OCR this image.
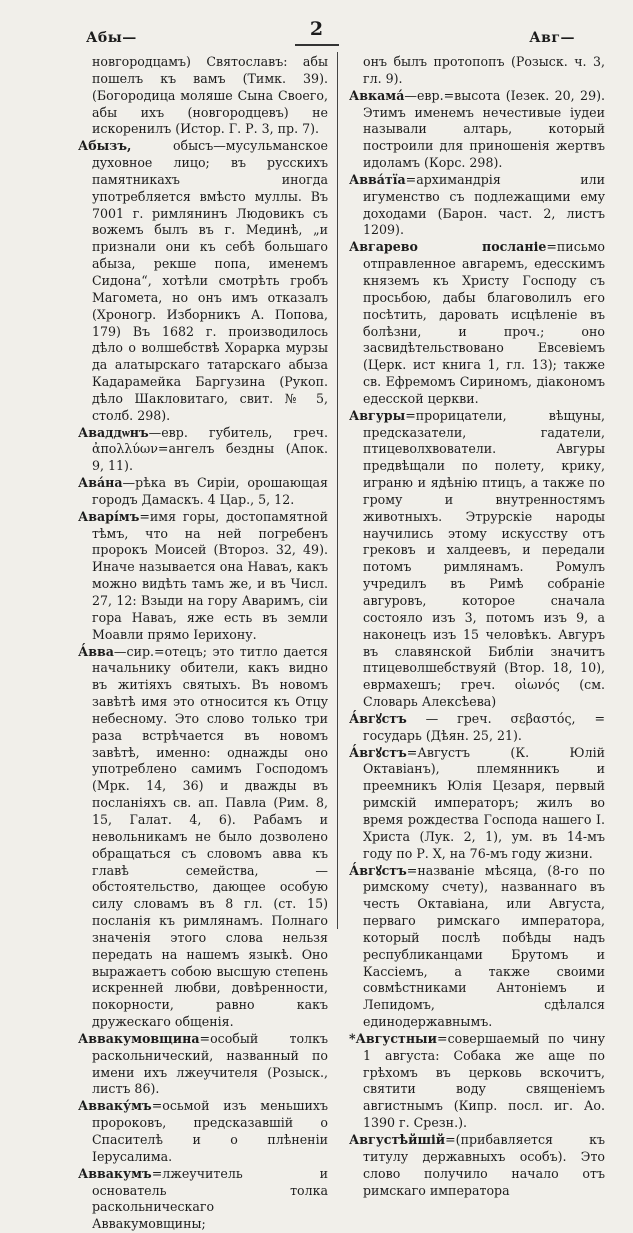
Абы—	2	Авг—

новгородцамъ) Святославъ: абы пошелъ къ вамъ (Тимк. 39). (Богородица моляше Сына Своего, абы ихъ (новгородцевъ) не искоренилъ (Истор. Г. Р. 3, пр. 7).

Абызъ, обысъ—мусульманское духовное лицо; въ русскихъ памятникахъ иногда употребляется вмѣсто муллы. Въ 7001 г. римлянинъ Людовикъ съ вожемъ былъ въ г. Мединѣ, „и признали они къ себѣ большаго абыза, рекше попа, именемъ Сидона“, хотѣли смотрѣть гробъ Магомета, но онъ имъ отказалъ (Хроногр. Изборникъ А. Попова, 179) Въ 1682 г. производилось дѣло о волшебствѣ Хорарка мурзы да алатырскаго татарскаго абыза Кадарамейка Баргузина (Рукоп. дѣло Шакловитаго, свит. № 5, столб. 298).

Аваддѡнъ—евр. губитель, греч. ἀπολλύων=ангелъ бездны (Апок. 9, 11).

Ава́на—рѣка въ Сиріи, орошающая городъ Дамаскъ. 4 Цар., 5, 12.

Аварі́мъ=имя горы, достопамятной тѣмъ, что на ней погребенъ пророкъ Моисей (Второз. 32, 49). Иначе называется она Наваъ, какъ можно видѣть тамъ же, и въ Числ. 27, 12: Взыди на гору Аваримъ, сіи гора Наваъ, яже есть въ земли Моавли прямо Іерихону.

А́вва—сир.=отецъ; это титло дается начальнику обители, какъ видно въ житіяхъ святыхъ. Въ новомъ завѣтѣ имя это относится къ Отцу небесному. Это слово только три раза встрѣчается въ новомъ завѣтѣ, именно: однажды оно употреблено самимъ Господомъ (Мрк. 14, 36) и дважды въ посланіяхъ св. ап. Павла (Рим. 8, 15, Галат. 4, 6). Рабамъ и невольникамъ не было дозволено обращаться съ словомъ авва къ главѣ семейства, — обстоятельство, дающее особую силу словамъ въ 8 гл. (ст. 15) посланія къ римлянамъ. Полнаго значенія этого слова нельзя передать на нашемъ языкѣ. Оно выражаетъ собою высшую степень искренней любви, довѣренности, покорности, равно какъ дружескаго общенія.

Аввакумовщина=особый толкъ раскольнический, названный по имени ихъ лжеучителя (Розыск., листъ 86).

Авваку́мъ=осьмой изъ меньшихъ пророковъ, предсказавшій о Спасителѣ и о плѣненіи Іерусалима.

Аввакумъ=лжеучитель и основатель толка раскольническаго Аввакумовщины;

онъ былъ протопопъ (Розыск. ч. 3, гл. 9).

Авкама́—евр.=высота (Іезек. 20, 29). Этимъ именемъ нечестивые іудеи называли алтарь, который построили для приношенія жертвъ идоламъ (Корс. 298).

Авва́тїа=архимандрія или игуменство съ подлежащими ему доходами (Барон. част. 2, листъ 1209).

Авгарево посланіе=письмо отправленное авгаремъ, едесскимъ княземъ къ Христу Господу съ просьбою, дабы благоволилъ его посѣтить, даровать исцѣленіе въ болѣзни, и проч.; оно засвидѣтельствовано Евсевіемъ (Церк. ист книга 1, гл. 13); также св. Ефремомъ Сириномъ, діакономъ едесской церкви.

Авгуры=прорицатели, вѣщуны, предсказатели, гадатели, птицеволхвователи. Авгуры предвѣщали по полету, крику, играню и ядѣнію птицъ, а также по грому и внутренностямъ животныхъ. Этрурскіе народы научились этому искусству отъ грековъ и халдеевъ, и передали потомъ римлянамъ. Ромулъ учредилъ въ Римѣ собраніе авгуровъ, которое сначала состояло изъ 3, потомъ изъ 9, а наконецъ изъ 15 человѣкъ. Авгуръ въ славянской Библіи значитъ птицеволшебствуяй (Втор. 18, 10), еврмахешъ; греч. οἰωνός (см. Словарь Алексѣева)

А́вгꙋстъ — греч. σεβαστός, = государь (Дѣян. 25, 21).

А́вгꙋстъ=Августъ (К. Юлій Октавіанъ), племянникъ и преемникъ Юлія Цезаря, первый римскій императоръ; жилъ во время рождества Господа нашего І. Христа (Лук. 2, 1), ум. въ 14-мъ году по Р. Х, на 76-мъ году жизни.

А́вгꙋстъ=названіе мѣсяца, (8-го по римскому счету), названнаго въ честь Октавіана, или Августа, перваго римскаго императора, который послѣ побѣды надъ республиканцами Брутомъ и Кассіемъ, а также своими совмѣстниками Антоніемъ и Лепидомъ, сдѣлался единодержавнымъ.

*Августныи=совершаемый по чину 1 августа: Собака же аще по грѣхомъ въ церковь вскочитъ, святити воду священіемъ авгистнымъ (Кипр. посл. иг. Ао. 1390 г. Срезн.).

Августѣйшій=(прибавляется къ титулу державныхъ особъ). Это слово получило начало отъ римскаго императора
